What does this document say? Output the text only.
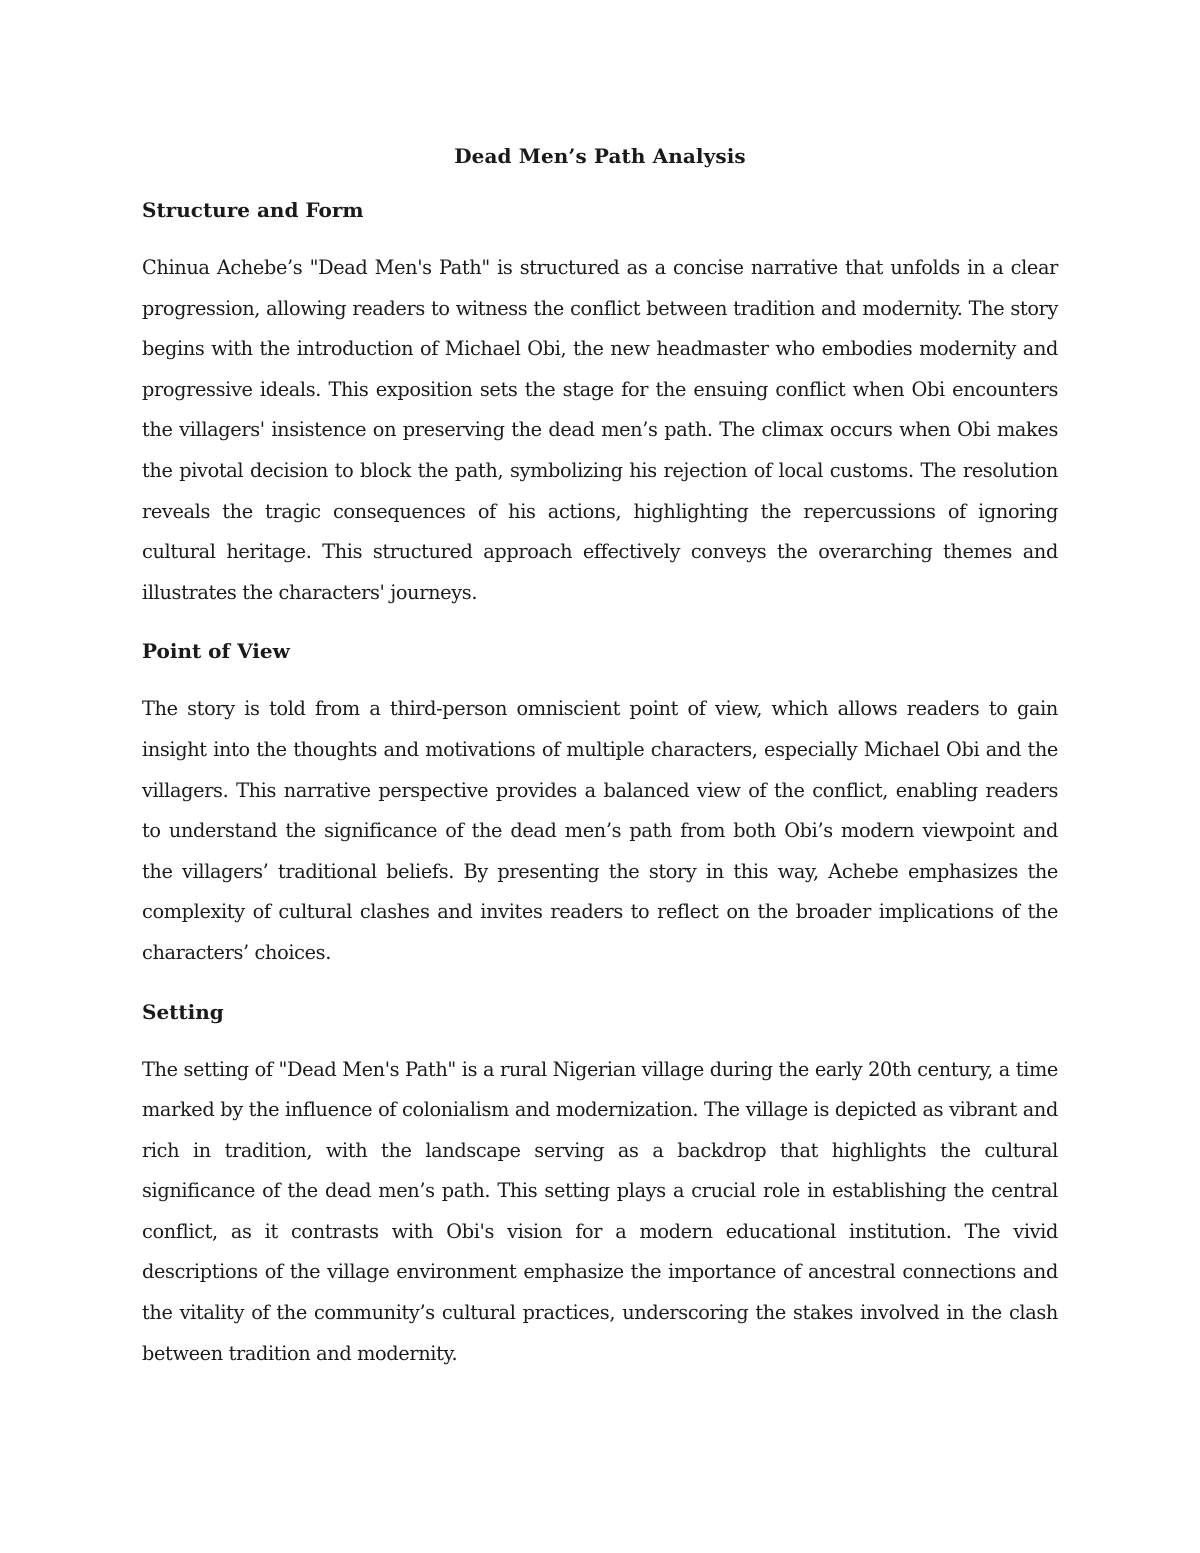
Dead Men’s Path Analysis
Structure and Form
Chinua Achebe’s "Dead Men's Path" is structured as a concise narrative that unfolds in a clear progression, allowing readers to witness the conflict between tradition and modernity. The story begins with the introduction of Michael Obi, the new headmaster who embodies modernity and progressive ideals. This exposition sets the stage for the ensuing conflict when Obi encounters the villagers' insistence on preserving the dead men’s path. The climax occurs when Obi makes the pivotal decision to block the path, symbolizing his rejection of local customs. The resolution reveals the tragic consequences of his actions, highlighting the repercussions of ignoring cultural heritage. This structured approach effectively conveys the overarching themes and illustrates the characters' journeys.
Point of View
The story is told from a third-person omniscient point of view, which allows readers to gain insight into the thoughts and motivations of multiple characters, especially Michael Obi and the villagers. This narrative perspective provides a balanced view of the conflict, enabling readers to understand the significance of the dead men’s path from both Obi’s modern viewpoint and the villagers’ traditional beliefs. By presenting the story in this way, Achebe emphasizes the complexity of cultural clashes and invites readers to reflect on the broader implications of the characters’ choices.
Setting
The setting of "Dead Men's Path" is a rural Nigerian village during the early 20th century, a time marked by the influence of colonialism and modernization. The village is depicted as vibrant and rich in tradition, with the landscape serving as a backdrop that highlights the cultural significance of the dead men’s path. This setting plays a crucial role in establishing the central conflict, as it contrasts with Obi's vision for a modern educational institution. The vivid descriptions of the village environment emphasize the importance of ancestral connections and the vitality of the community’s cultural practices, underscoring the stakes involved in the clash between tradition and modernity.
